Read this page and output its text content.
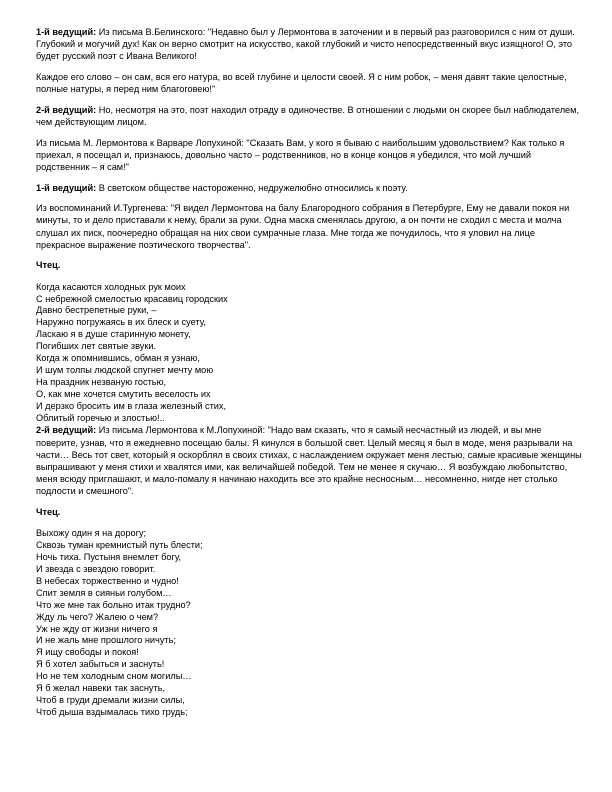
1-й ведущий: Из письма В.Белинского: "Недавно был у Лермонтова в заточении и в первый раз разговорился с ним от души. Глубокий и могучий дух! Как он верно смотрит на искусство, какой глубокий и чисто непосредственный вкус изящного! О, это будет русский поэт с Ивана Великого!

Каждое его слово – он сам, вся его натура, во всей глубине и целости своей. Я с ним робок, – меня давят такие целостные, полные натуры, я перед ним благоговею!"

2-й ведущий: Но, несмотря на это, поэт находил отраду в одиночестве. В отношении с людьми он скорее был наблюдателем, чем действующим лицом.

Из письма М. Лермонтова к Варваре Лопухиной: "Сказать Вам, у кого я бываю с наибольшим удовольствием? Как только я приехал, я посещал и, признаюсь, довольно часто – родственников, но в конце концов я убедился, что мой лучший родственник – я сам!"

1-й ведущий: В светском обществе настороженно, недружелюбно относились к поэту.

Из воспоминаний И.Тургенева: "Я видел Лермонтова на балу Благородного собрания в Петербурге, Ему не давали покоя ни минуты, то и дело приставали к нему, брали за руки. Одна маска сменялась другою, а он почти не сходил с места и молча слушал их писк, поочередно обращая на них свои сумрачные глаза. Мне тогда же почудилось, что я уловил на лице прекрасное выражение поэтического творчества".

Чтец.

Когда касаются холодных рук моих
С небрежной смелостью красавиц городских
Давно бестрепетные руки, –
Наружно погружаясь в их блеск и суету,
Ласкаю я в душе старинную монету,
Погибших лет святые звуки.
Когда ж опомнившись, обман я узнаю,
И шум толпы людской спугнет мечту мою
На праздник незваную гостью,
О, как мне хочется смутить веселость их
И дерзко бросить им в глаза железный стих,
Облитый горечью и злостью!..

2-й ведущий: Из письма Лермонтова к М.Лопухиной: "Надо вам сказать, что я самый несчастный из людей, и вы мне поверите, узнав, что я ежедневно посещаю балы. Я кинулся в большой свет. Целый месяц я был в моде, меня разрывали на части… Весь тот свет, который я оскорблял в своих стихах, с наслаждением окружает меня лестью, самые красивые женщины выпрашивают у меня стихи и хвалятся ими, как величайшей победой. Тем не менее я скучаю… Я возбуждаю любопытство, меня всюду приглашают, и мало-помалу я начинаю находить все это крайне несносным… несомненно, нигде нет столько подлости и смешного".

Чтец.

Выхожу один я на дорогу;
Сквозь туман кремнистый путь блести;
Ночь тиха. Пустыня внемлет богу,
И звезда с звездою говорит.
В небесах торжественно и чудно!
Спит земля в сияньи голубом…
Что же мне так больно итак трудно?
Жду ль чего? Жалею о чем?
Уж не жду от жизни ничего я
И не жаль мне прошлого ничуть;
Я ищу свободы и покоя!
Я б хотел забыться и заснуть!
Но не тем холодным сном могилы…
Я б желал навеки так заснуть,
Чтоб в груди дремали жизни силы,
Чтоб дыша вздымалась тихо грудь;
